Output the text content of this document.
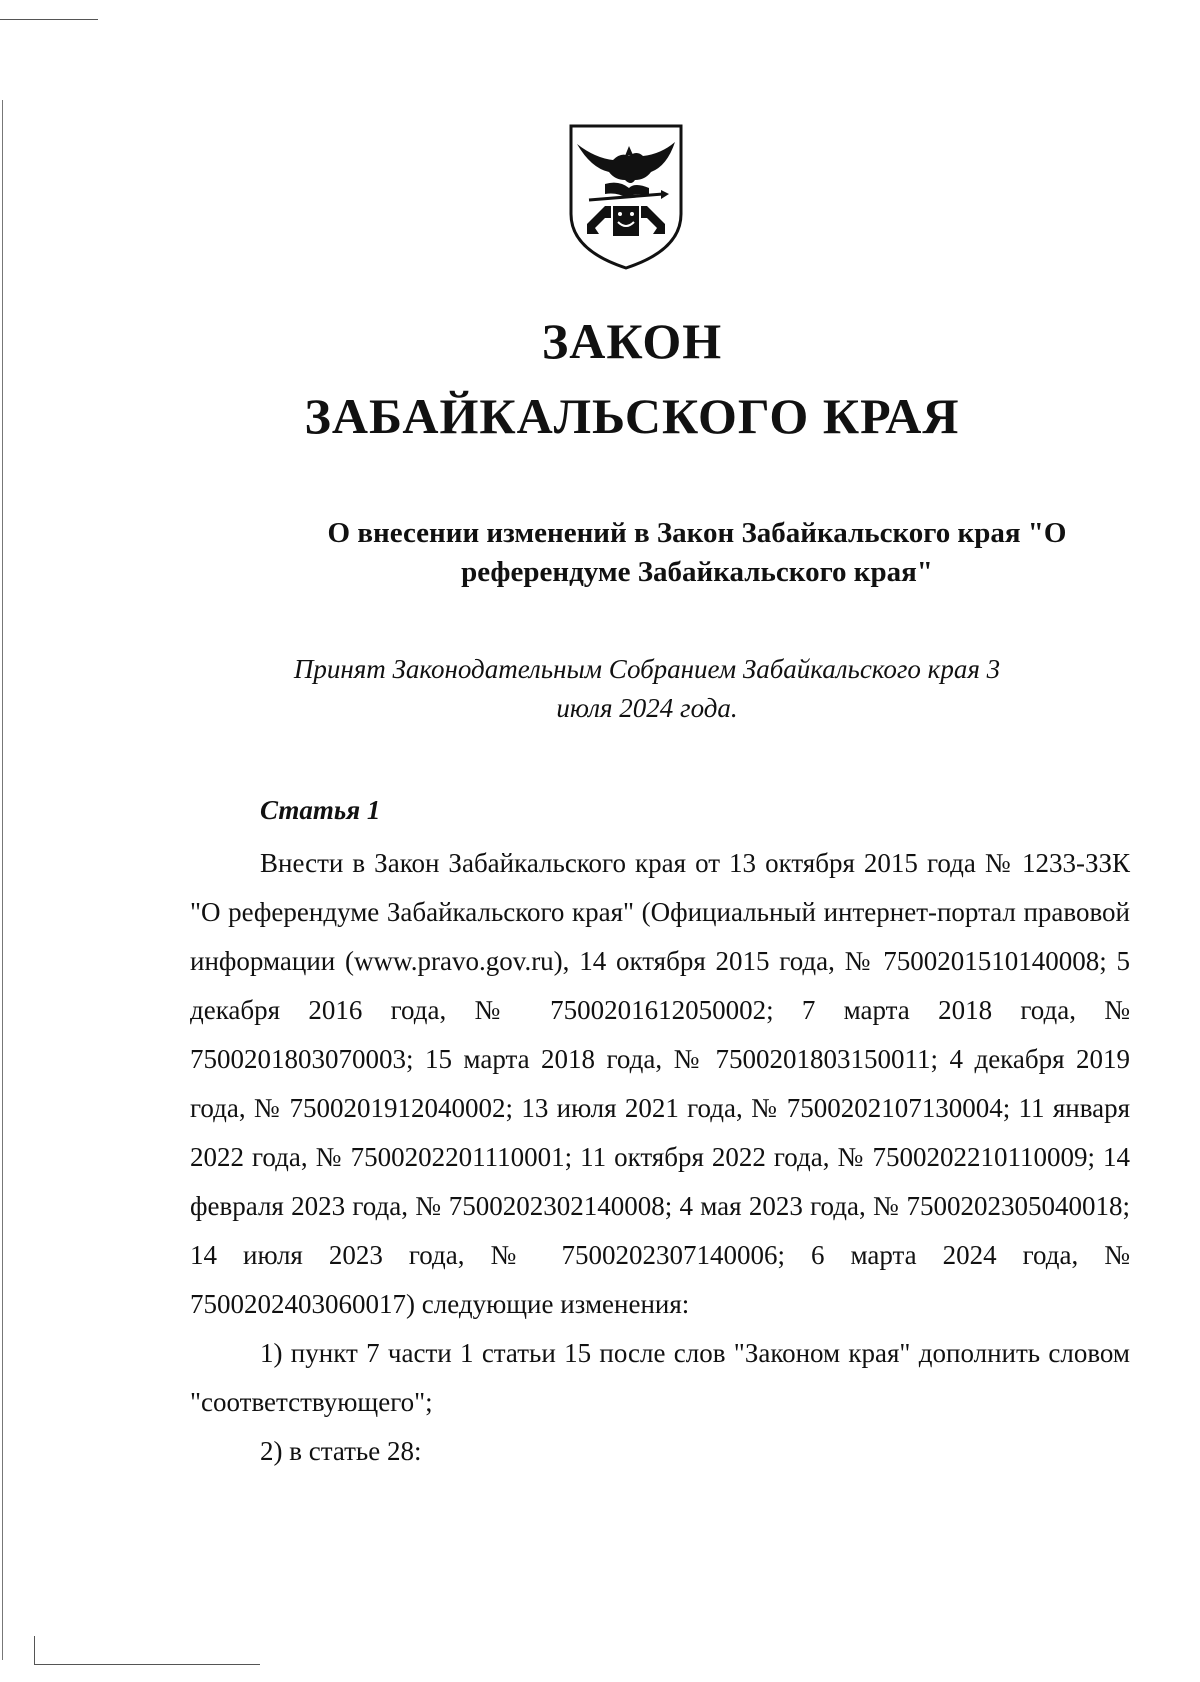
ЗАКОН
ЗАБАЙКАЛЬСКОГО КРАЯ
О внесении изменений в Закон Забайкальского края "О референдуме Забайкальского края"
Принят Законодательным Собранием Забайкальского края 3 июля 2024 года.
Статья 1

Внести в Закон Забайкальского края от 13 октября 2015 года № 1233-ЗЗК "О референдуме Забайкальского края" (Официальный интернет-портал правовой информации (www.pravo.gov.ru), 14 октября 2015 года, № 7500201510140008; 5 декабря 2016 года, № 7500201612050002; 7 марта 2018 года, № 7500201803070003; 15 марта 2018 года, № 7500201803150011; 4 декабря 2019 года, № 7500201912040002; 13 июля 2021 года, № 7500202107130004; 11 января 2022 года, № 7500202201110001; 11 октября 2022 года, № 7500202210110009; 14 февраля 2023 года, № 7500202302140008; 4 мая 2023 года, № 7500202305040018; 14 июля 2023 года, № 7500202307140006; 6 марта 2024 года, № 7500202403060017) следующие изменения:

1) пункт 7 части 1 статьи 15 после слов "Законом края" дополнить словом "соответствующего";

2) в статье 28:
